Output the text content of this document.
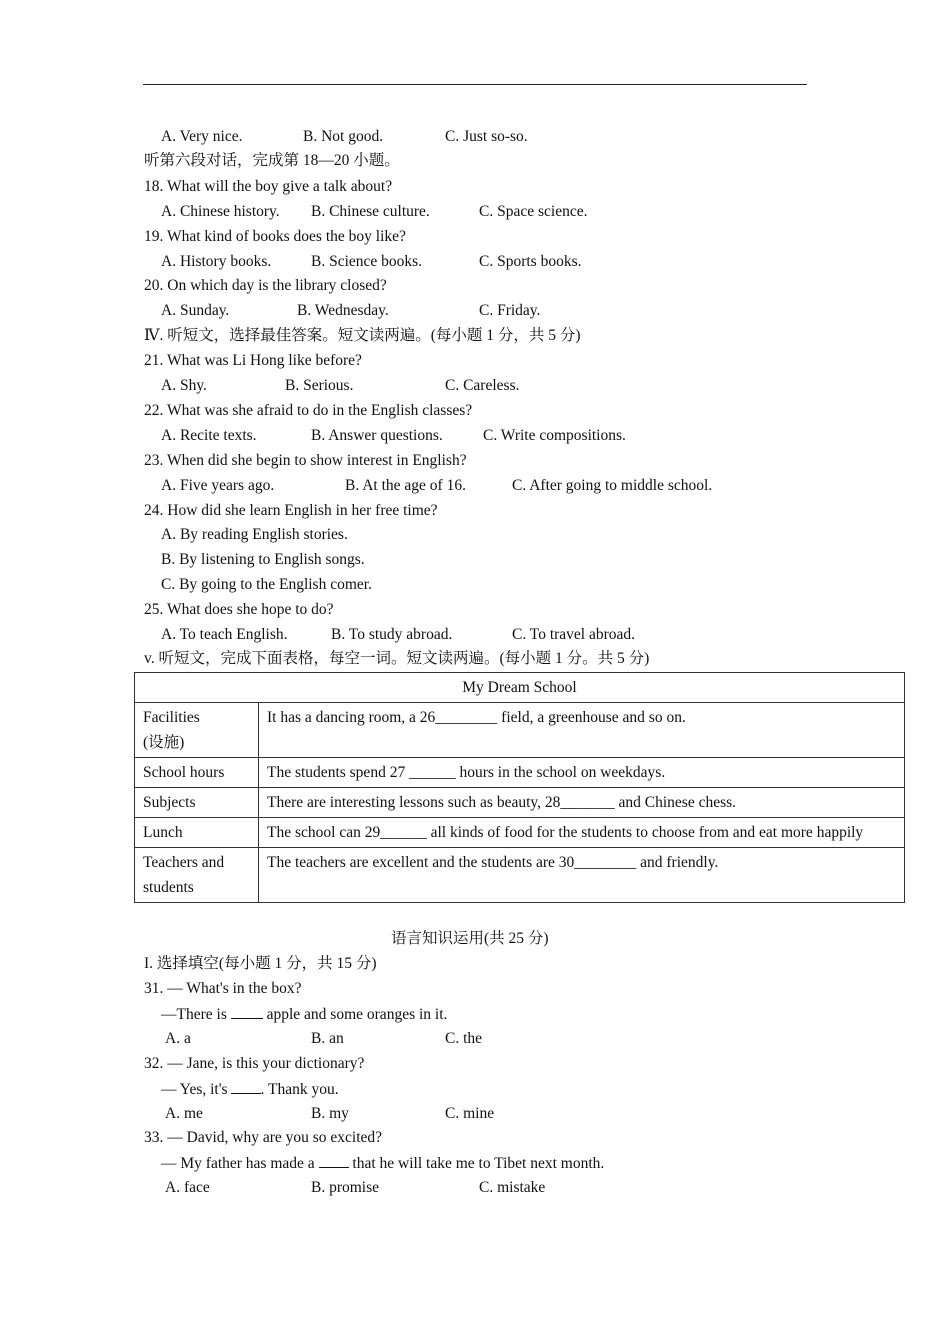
A. Very nice.	B. Not good.	C. Just so-so.
听第六段对话，完成第 18—20 小题。
18. What will the boy give a talk about?
A. Chinese history. B. Chinese culture.	C. Space science.
19. What kind of books does the boy like?
A. History books.	B. Science books.	C. Sports books.
20. On which day is the library closed?
A. Sunday.	B. Wednesday.	C. Friday.
Ⅳ. 听短文，选择最佳答案。短文读两遍。(每小题 1 分，共 5 分)
21. What was Li Hong like before?
A. Shy.	B. Serious.	C. Careless.
22. What was she afraid to do in the English classes?
A. Recite texts.	B. Answer questions.	C. Write compositions.
23. When did she begin to show interest in English?
A. Five years ago.	B. At the age of 16.	C. After going to middle school.
24. How did she learn English in her free time?
A. By reading English stories.
B. By listening to English songs.
C. By going to the English comer.
25. What does she hope to do?
A. To teach English.	B. To study abroad.	C. To travel abroad.
v. 听短文，完成下面表格，每空一词。短文读两遍。(每小题 1 分。共 5 分)
My Dream School	
Facilities
(设施)	It has a dancing room, a 26________ field, a greenhouse and so on.
School hours	The students spend 27 ______ hours in the school on weekdays.
Subjects	There are interesting lessons such as beauty, 28_______ and Chinese chess.
Lunch	The school can 29______ all kinds of food for the students to choose from and eat more happily
Teachers and
students	The teachers are excellent and the students are 30________ and friendly.
语言知识运用(共 25 分)
I. 选择填空(每小题 1 分，共 15 分)
31. — What's in the box?
—There is	apple and some oranges in it.
A. a	B. an	C. the
32. — Jane, is this your dictionary?
— Yes, it's . Thank you.
A. me	B. my	C. mine
33. — David, why are you so excited?
— My father has made a that he will take me to Tibet next month.
A. face	B. promise	C. mistake
